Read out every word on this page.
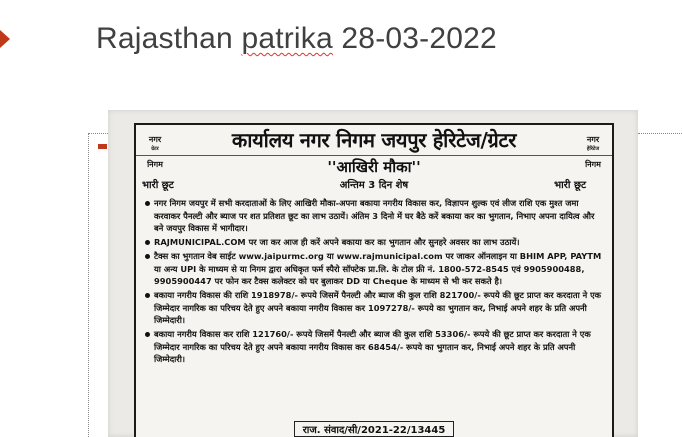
Rajasthan patrika 28-03-2022
नगर निगम
ग्रेटर	कार्यालय नगर निगम जयपुर हेरिटेज/ग्रेटर	नगर निगम
हेरिटेज
''आखिरी मौका''
भारी छूट	अन्तिम 3 दिन शेष	भारी छूट
नगर निगम जयपुर में सभी करदाताओं के लिए आखिरी मौका-अपना बकाया नगरीय विकास कर, विज्ञापन शुल्क एवं लीज राशि एक मुश्त जमा करवाकर पैनल्टी और ब्याज पर शत प्रतिशत छूट का लाभ उठायें। अंतिम 3 दिनो में घर बैठे करें बकाया कर का भुगतान, निभाए अपना दायित्व और बने जयपुर विकास में भागीदार।
RAJMUNICIPAL.COM पर जा कर आज ही करें अपने बकाया कर का भुगतान और सुनहरे अवसर का लाभ उठायें।
टैक्स का भुगतान वेब साईट www.jaipurmc.org या www.rajmunicipal.com पर जाकर ऑनलाइन या BHIM APP, PAYTM या अन्य UPI के माध्यम से या निगम द्वारा अधिकृत फर्म स्पैरो सॉफ्टेक प्रा.लि. के टोल फ्री नं. 1800-572-8545 एवं 9905900488, 9905900447 पर फोन कर टैक्स कलेक्टर को घर बुलाकर DD या Cheque के माध्यम से भी कर सकते है।
बकाया नगरीय विकास की राशि 1918978/- रूपये जिसमें पैनल्टी और ब्याज की कुल राशि 821700/- रूपये की छूट प्राप्त कर करदाता ने एक जिम्मेदार नागरिक का परिचय देते हुए अपने बकाया नगरीय विकास कर 1097278/- रूपये का भुगतान कर, निभाई अपने शहर के प्रति अपनी जिम्मेदारी।
बकाया नगरीय विकास कर राशि 121760/- रूपये जिसमें पैनल्टी और ब्याज की कुल राशि 53306/- रूपये की छूट प्राप्त कर करदाता ने एक जिम्मेदार नागरिक का परिचय देते हुए अपने बकाया नगरीय विकास कर 68454/- रूपये का भुगतान कर, निभाई अपने शहर के प्रति अपनी जिम्मेदारी।
राज. संवाद/सी/2021-22/13445
